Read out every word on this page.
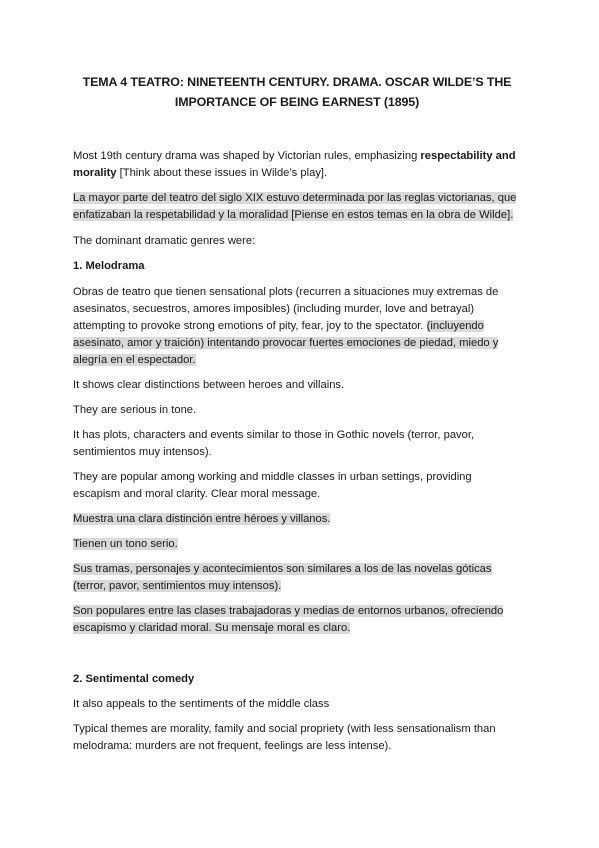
TEMA 4 TEATRO: NINETEENTH CENTURY. DRAMA. OSCAR WILDE’S THE IMPORTANCE OF BEING EARNEST (1895)

Most 19th century drama was shaped by Victorian rules, emphasizing respectability and morality [Think about these issues in Wilde’s play].

La mayor parte del teatro del siglo XIX estuvo determinada por las reglas victorianas, que enfatizaban la respetabilidad y la moralidad [Piense en estos temas en la obra de Wilde].

The dominant dramatic genres were:

1. Melodrama

Obras de teatro que tienen sensational plots (recurren a situaciones muy extremas de asesinatos, secuestros, amores imposibles) (including murder, love and betrayal) attempting to provoke strong emotions of pity, fear, joy to the spectator. (incluyendo asesinato, amor y traición) intentando provocar fuertes emociones de piedad, miedo y alegría en el espectador.

It shows clear distinctions between heroes and villains.

They are serious in tone.

It has plots, characters and events similar to those in Gothic novels (terror, pavor, sentimientos muy intensos).

They are popular among working and middle classes in urban settings, providing escapism and moral clarity. Clear moral message.

Muestra una clara distinción entre héroes y villanos.

Tienen un tono serio.

Sus tramas, personajes y acontecimientos son similares a los de las novelas góticas (terror, pavor, sentimientos muy intensos).

Son populares entre las clases trabajadoras y medias de entornos urbanos, ofreciendo escapismo y claridad moral. Su mensaje moral es claro.

2. Sentimental comedy

It also appeals to the sentiments of the middle class

Typical themes are morality, family and social propriety (with less sensationalism than melodrama: murders are not frequent, feelings are less intense).
